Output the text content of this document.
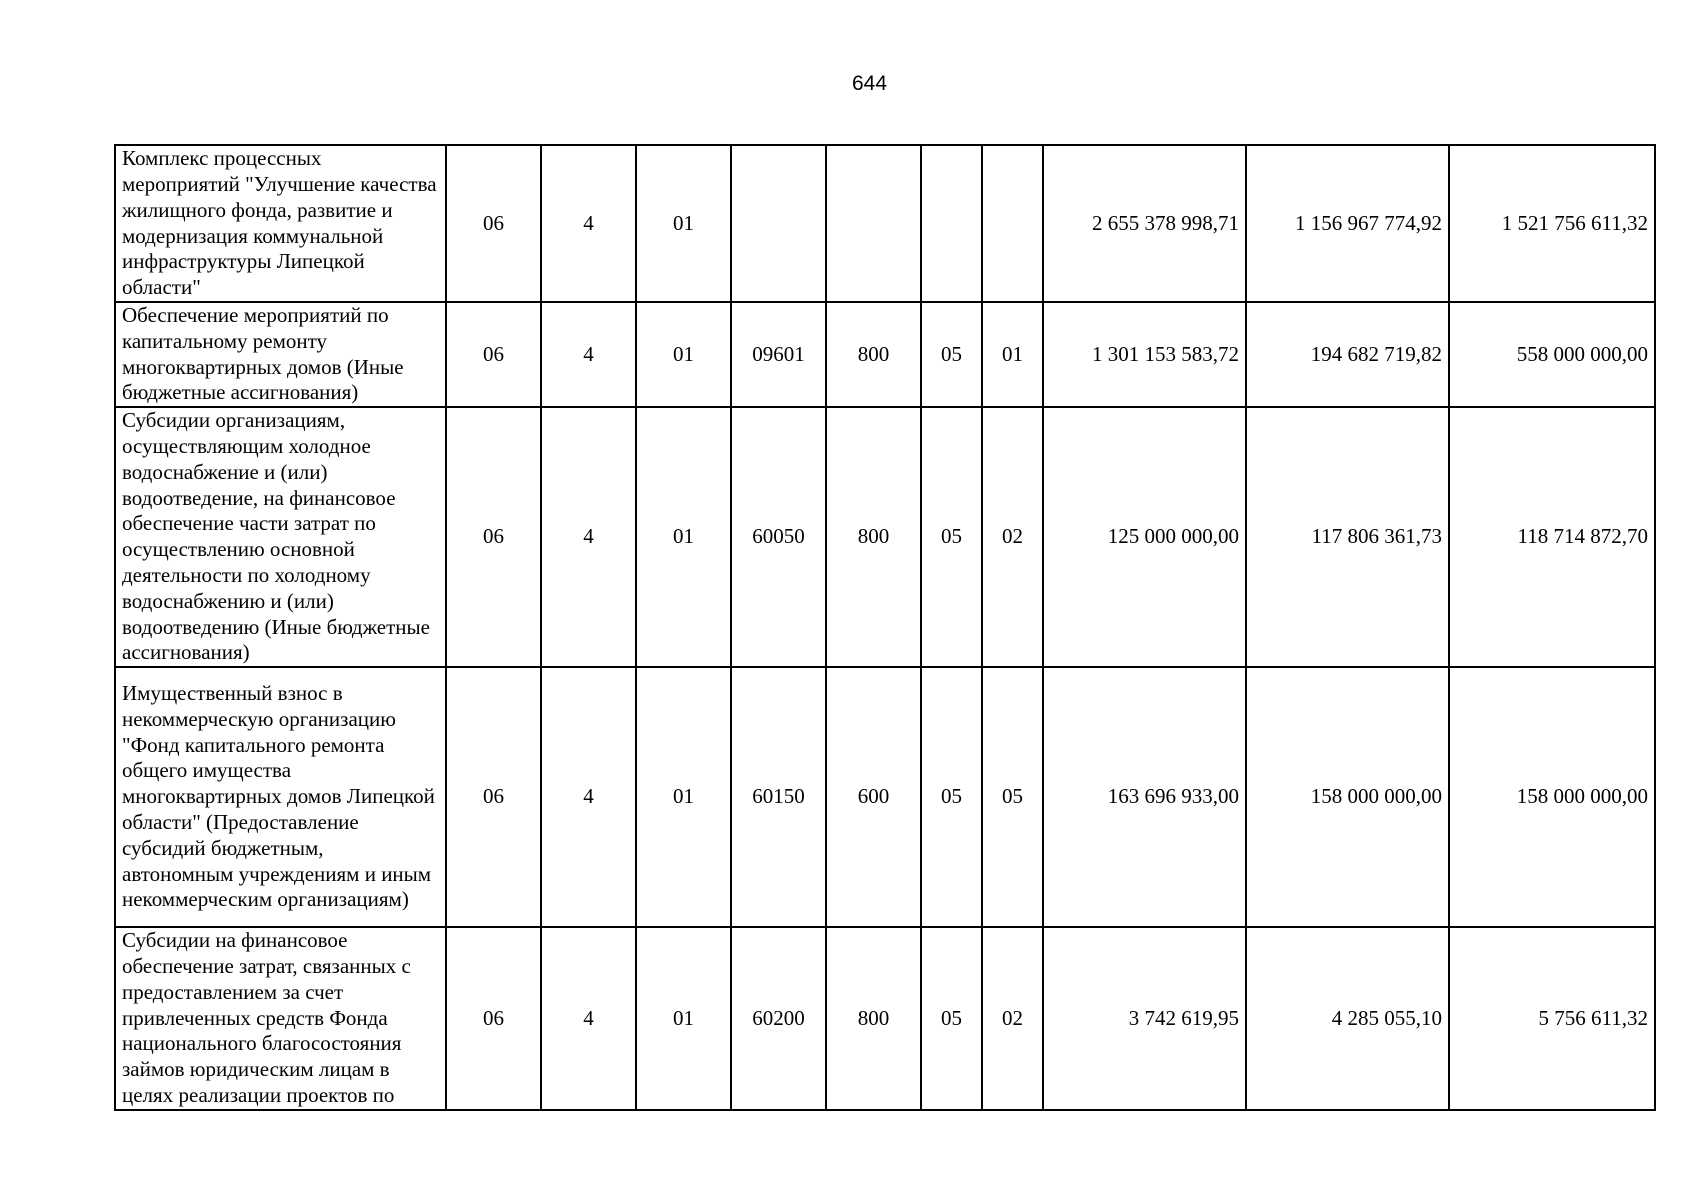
644
Комплекс процессных мероприятий "Улучшение качества жилищного фонда, развитие и модернизация коммунальной инфраструктуры Липецкой области"	06	4	01					2 655 378 998,71	1 156 967 774,92	1 521 756 611,32
Обеспечение мероприятий по капитальному ремонту многоквартирных домов (Иные бюджетные ассигнования)	06	4	01	09601	800	05	01	1 301 153 583,72	194 682 719,82	558 000 000,00
Субсидии организациям, осуществляющим холодное водоснабжение и (или) водоотведение, на финансовое обеспечение части затрат по осуществлению основной деятельности по холодному водоснабжению и (или) водоотведению (Иные бюджетные ассигнования)	06	4	01	60050	800	05	02	125 000 000,00	117 806 361,73	118 714 872,70
Имущественный взнос в некоммерческую организацию "Фонд капитального ремонта общего имущества многоквартирных домов Липецкой области" (Предоставление субсидий бюджетным, автономным учреждениям и иным некоммерческим организациям)	06	4	01	60150	600	05	05	163 696 933,00	158 000 000,00	158 000 000,00
Субсидии на финансовое обеспечение затрат, связанных с предоставлением за счет привлеченных средств Фонда национального благосостояния займов юридическим лицам в целях реализации проектов по	06	4	01	60200	800	05	02	3 742 619,95	4 285 055,10	5 756 611,32
